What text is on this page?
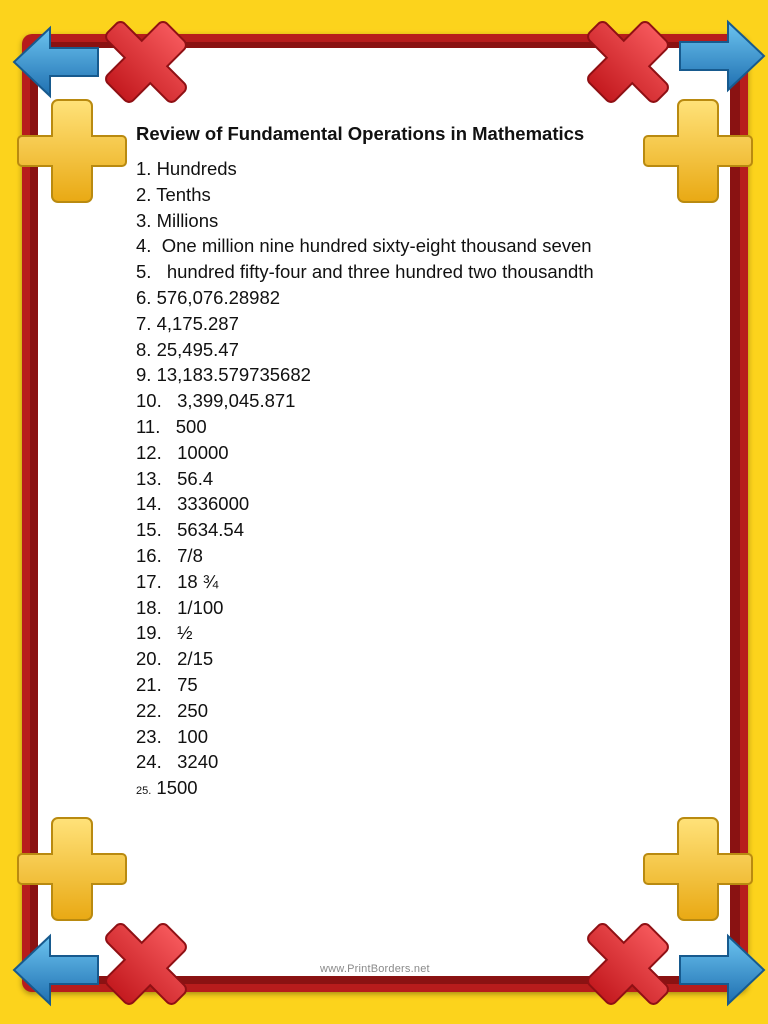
Review of Fundamental Operations in Mathematics
1. Hundreds
2. Tenths
3. Millions
4.  One million nine hundred sixty-eight thousand seven
5.   hundred fifty-four and three hundred two thousandth
6. 576,076.28982
7. 4,175.287
8. 25,495.47
9. 13,183.579735682
10.   3,399,045.871
11.   500
12.   10000
13.   56.4
14.   3336000
15.   5634.54
16.   7/8
17.   18 ¾
18.   1/100
19.   ½
20.   2/15
21.   75
22.   250
23.   100
24.   3240
25. 1500
www.PrintBorders.net
